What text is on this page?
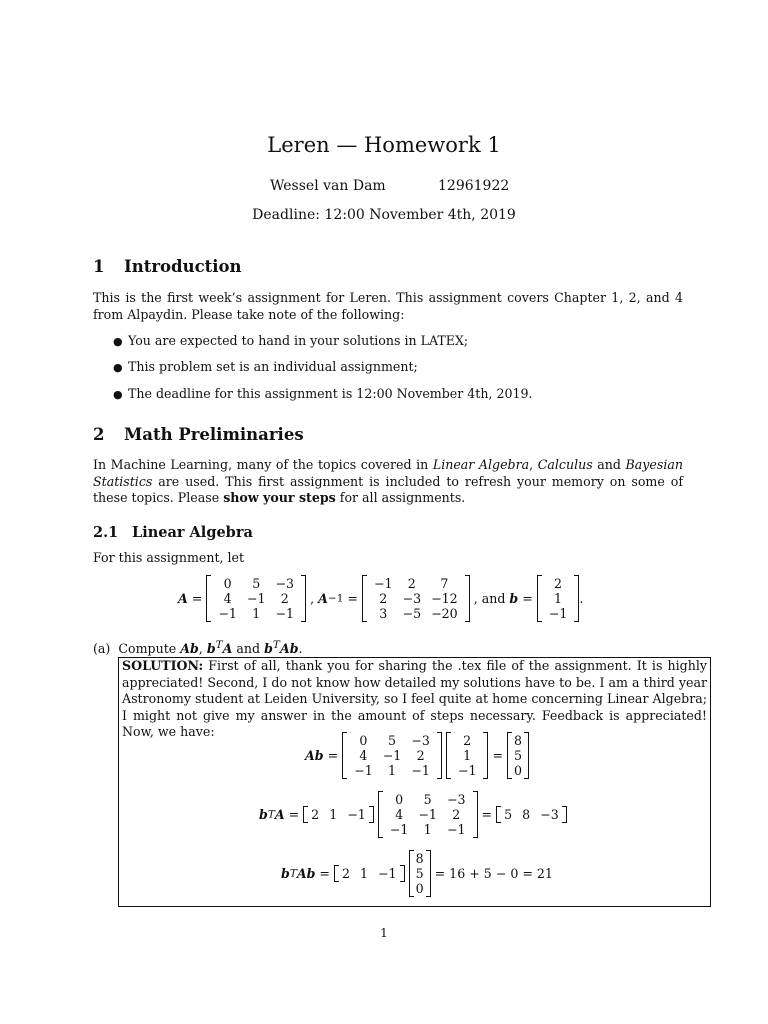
Leren — Homework 1
Wessel van Dam	12961922
Deadline: 12:00 November 4th, 2019
1 Introduction
This is the first week’s assignment for Leren. This assignment covers Chapter 1, 2, and 4 from Alpaydin. Please take note of the following:
● You are expected to hand in your solutions in LATEX;
● This problem set is an individual assignment;
● The deadline for this assignment is 12:00 November 4th, 2019.
2 Math Preliminaries
In Machine Learning, many of the topics covered in Linear Algebra, Calculus and Bayesian Statistics are used. This first assignment is included to refresh your memory on some of these topics. Please show your steps for all assignments.
2.1 Linear Algebra
For this assignment, let
A =
0	5	−3
4	−1	2
−1	1	−1
, A−1 =
−1	2	7
2	−3	−12
3	−5	−20
, and b =
2
1
−1
.
(a) Compute Ab, $b^TA$ and $b^TAb$.
SOLUTION: First of all, thank you for sharing the .tex file of the assignment. It is highly appreciated! Second, I do not know how detailed my solutions have to be. I am a third year Astronomy student at Leiden University, so I feel quite at home concerning Linear Algebra; I might not give my answer in the amount of steps necessary. Feedback is appreciated! Now, we have:
Ab =
0	5	−3
4	−1	2
−1	1	−1

2
1
−1
=
8
5
0
bTA = 2	1	−1

0	5	−3
4	−1	2
−1	1	−1
= 5	8	−3
bTAb = 2	1	−1

8
5
0
= 16 + 5 − 0 = 21
1
